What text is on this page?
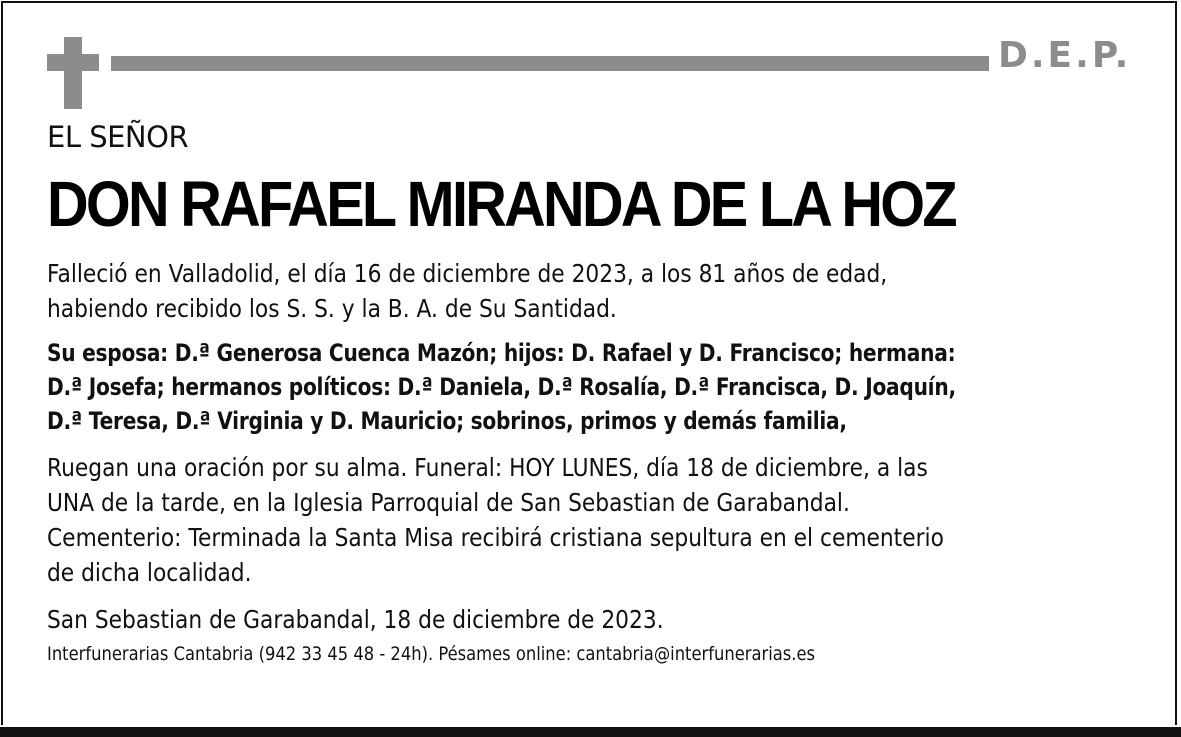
D.E.P.
EL SEÑOR
DON RAFAEL MIRANDA DE LA HOZ
Falleció en Valladolid, el día 16 de diciembre de 2023, a los 81 años de edad,
habiendo recibido los S. S. y la B. A. de Su Santidad.
Su esposa: D.ª Generosa Cuenca Mazón; hijos: D. Rafael y D. Francisco; hermana:
D.ª Josefa; hermanos políticos: D.ª Daniela, D.ª Rosalía, D.ª Francisca, D. Joaquín,
D.ª Teresa, D.ª Virginia y D. Mauricio; sobrinos, primos y demás familia,
Ruegan una oración por su alma. Funeral: HOY LUNES, día 18 de diciembre, a las
UNA de la tarde, en la Iglesia Parroquial de San Sebastian de Garabandal.
Cementerio: Terminada la Santa Misa recibirá cristiana sepultura en el cementerio
de dicha localidad.
San Sebastian de Garabandal, 18 de diciembre de 2023.
Interfunerarias Cantabria (942 33 45 48 - 24h). Pésames online: cantabria@interfunerarias.es
